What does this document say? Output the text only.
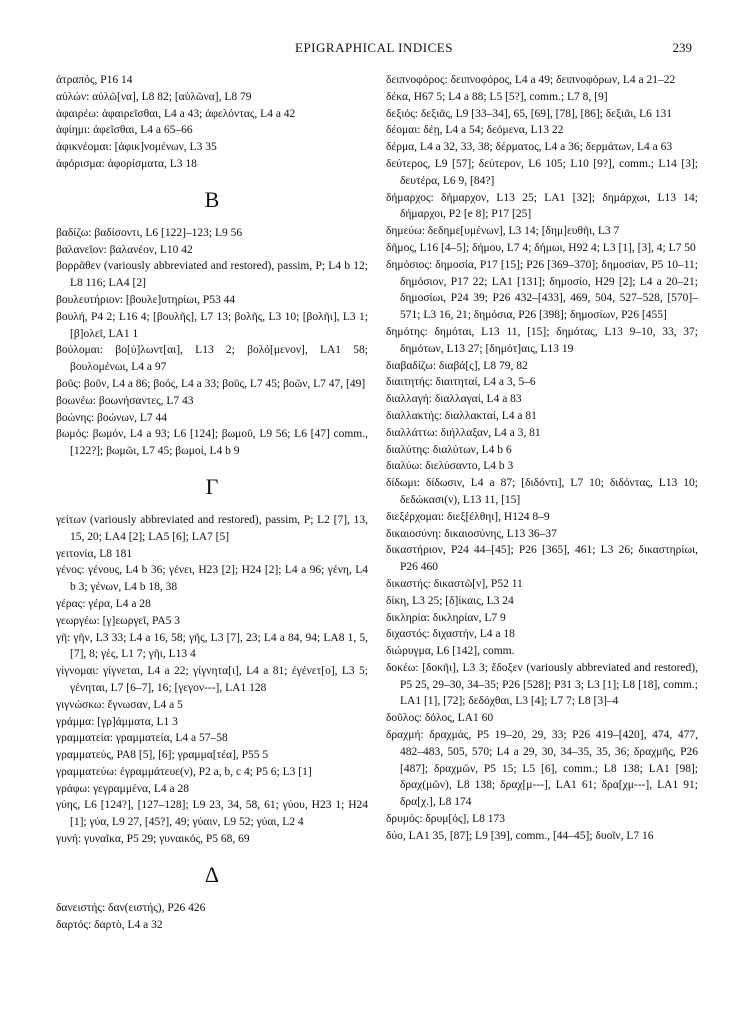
EPIGRAPHICAL INDICES	239
ἀτραπός, P16 14
αὐλών: αὐλῶ[να], L8 82; [αὐλῶνα], L8 79
ἀφαιρέω: ἀφαιρεῖσθαι, L4 a 43; ἀφελόντας, L4 a 42
ἀφίημι: ἀφεῖσθαι, L4 a 65–66
ἀφικνέομαι: [ἀφικ]νομένων, L3 35
ἀφόρισμα: ἀφορίσματα, L3 18
B
βαδίζω: βαδίσοντι, L6 [122]–123; L9 56
βαλανεῖον: βαλανέον, L10 42
βορρᾶθεν (variously abbreviated and restored), passim, P; L4 b 12; L8 116; LA4 [2]
βουλευτήριον: [βουλε]υτηρίωι, P53 44
βουλή, P4 2; L16 4; [βουλῆς], L7 13; βολῆς, L3 10; [βολῆι], L3 1; [β]ολεῖ, LA1 1
βούλομαι: βο[ύ]λωντ[αι], L13 2; βολό[μενον], LA1 58; βουλομένωι, L4 a 97
βοῦς: βοῦν, L4 a 86; βοός, L4 a 33; βοῦς, L7 45; βοῶν, L7 47, [49]
βοωνέω: βοωνήσαντες, L7 43
βοώνης: βοώνων, L7 44
βωμός: βωμόν, L4 a 93; L6 [124]; βωμοῦ, L9 56; L6 [47] comm., [122?]; βωμῶι, L7 45; βωμοί, L4 b 9
Γ
γείτων (variously abbreviated and restored), passim, P; L2 [7], 13, 15, 20; LA4 [2]; LA5 [6]; LA7 [5]
γειτονία, L8 181
γένος: γένους, L4 b 36; γένει, H23 [2]; H24 [2]; L4 a 96; γένη, L4 b 3; γένων, L4 b 18, 38
γέρας: γέρα, L4 a 28
γεωργέω: [γ]εωργεῖ, PA5 3
γῆ: γῆν, L3 33; L4 a 16, 58; γῆς, L3 [7], 23; L4 a 84, 94; LA8 1, 5, [7], 8; γὲς, L1 7; γῆι, L13 4
γίγνομαι: γίγνεται, L4 a 22; γίγνητα[ι], L4 a 81; ἐγένετ[ο], L3 5; γένηται, L7 [6–7], 16; [γεγον---], LA1 128
γιγνώσκω: ἔγνωσαν, L4 a 5
γράμμα: [γρ]άμματα, L1 3
γραμματεία: γραμματεία, L4 a 57–58
γραμματεύς, PA8 [5], [6]; γραμμα[τέα], P55 5
γραμματεύω: ἐγραμμάτευε(ν), P2 a, b, c 4; P5 6; L3 [1]
γράφω: γεγραμμένα, L4 a 28
γύης, L6 [124?], [127–128]; L9 23, 34, 58, 61; γύου, H23 1; H24 [1]; γύα, L9 27, [45?], 49; γύαιν, L9 52; γύαι, L2 4
γυνή: γυναῖκα, P5 29; γυναικός, P5 68, 69
Δ
δανειστής: δαν(ειστής), P26 426
δαρτός: δαρτὸ, L4 a 32
δειπνοφόρος: δειπνοφόρος, L4 a 49; δειπνοφόρων, L4 a 21–22
δέκα, H67 5; L4 a 88; L5 [5?], comm.; L7 8, [9]
δεξιός: δεξιᾶς, L9 [33–34], 65, [69], [78], [86]; δεξιᾶι, L6 131
δέομαι: δέῃ, L4 a 54; δεόμενα, L13 22
δέρμα, L4 a 32, 33, 38; δέρματος, L4 a 36; δερμάτων, L4 a 63
δεύτερος, L9 [57]; δεύτερον, L6 105; L10 [9?], comm.; L14 [3]; δευτέρα, L6 9, [84?]
δήμαρχος: δήμαρχον, L13 25; LA1 [32]; δημάρχωι, L13 14; δήμαρχοι, P2 [e 8]; P17 [25]
δημεύω: δεδημε[υμένων], L3 14; [δημ]ευθῆι, L3 7
δῆμος, L16 [4–5]; δήμου, L7 4; δήμωι, H92 4; L3 [1], [3], 4; L7 50
δημόσιος: δημοσία, P17 [15]; P26 [369–370]; δημοσίαν, P5 10–11; δημόσιον, P17 22; LA1 [131]; δημοσίο, H29 [2]; L4 a 20–21; δημοσίωι, P24 39; P26 432–[433], 469, 504, 527–528, [570]–571; L3 16, 21; δημόσια, P26 [398]; δημοσίων, P26 [455]
δημότης: δημόται, L13 11, [15]; δημότας, L13 9–10, 33, 37; δημότων, L13 27; [δημότ]αις, L13 19
διαβαδίζω: διαβά[ς], L8 79, 82
διαιτητής: διαιτηταί, L4 a 3, 5–6
διαλλαγή: διαλλαγαί, L4 a 83
διαλλακτής: διαλλακταί, L4 a 81
διαλλάττω: διήλλαξαν, L4 a 3, 81
διαλύτης: διαλύτων, L4 b 6
διαλύω: διελύσαντο, L4 b 3
δίδωμι: δίδωσιν, L4 a 87; [διδόντι], L7 10; διδόντας, L13 10; δεδώκασι(ν), L13 11, [15]
διεξέρχομαι: διεξ[έλθηι], H124 8–9
δικαιοσύνη: δικαιοσύνης, L13 36–37
δικαστήριον, P24 44–[45]; P26 [365], 461; L3 26; δικαστηρίωι, P26 460
δικαστής: δικαστῶ[ν], P52 11
δίκη, L3 25; [δ]ίκαις, L3 24
δικληρία: δικληρίαν, L7 9
διχαστός: διχαστήν, L4 a 18
διώρυγμα, L6 [142], comm.
δοκέω: [δοκῆι], L3 3; ἔδοξεν (variously abbreviated and restored), P5 25, 29–30, 34–35; P26 [528]; P31 3; L3 [1]; L8 [18], comm.; LA1 [1], [72]; δεδόχθαι, L3 [4]; L7 7; L8 [3]–4
δοῦλος: δόλος, LA1 60
δραχμή: δραχμάς, P5 19–20, 29, 33; P26 419–[420], 474, 477, 482–483, 505, 570; L4 a 29, 30, 34–35, 35, 36; δραχμῆς, P26 [487]; δραχμῶν, P5 15; L5 [6], comm.; L8 138; LA1 [98]; δραχ(μῶν), L8 138; δραχ[μ---], LA1 61; δρα[χμ---], LA1 91; δρα[χ.], L8 174
δρυμός: δρυμ[ός], L8 173
δύο, LA1 35, [87]; L9 [39], comm., [44–45]; δυοῖν, L7 16
